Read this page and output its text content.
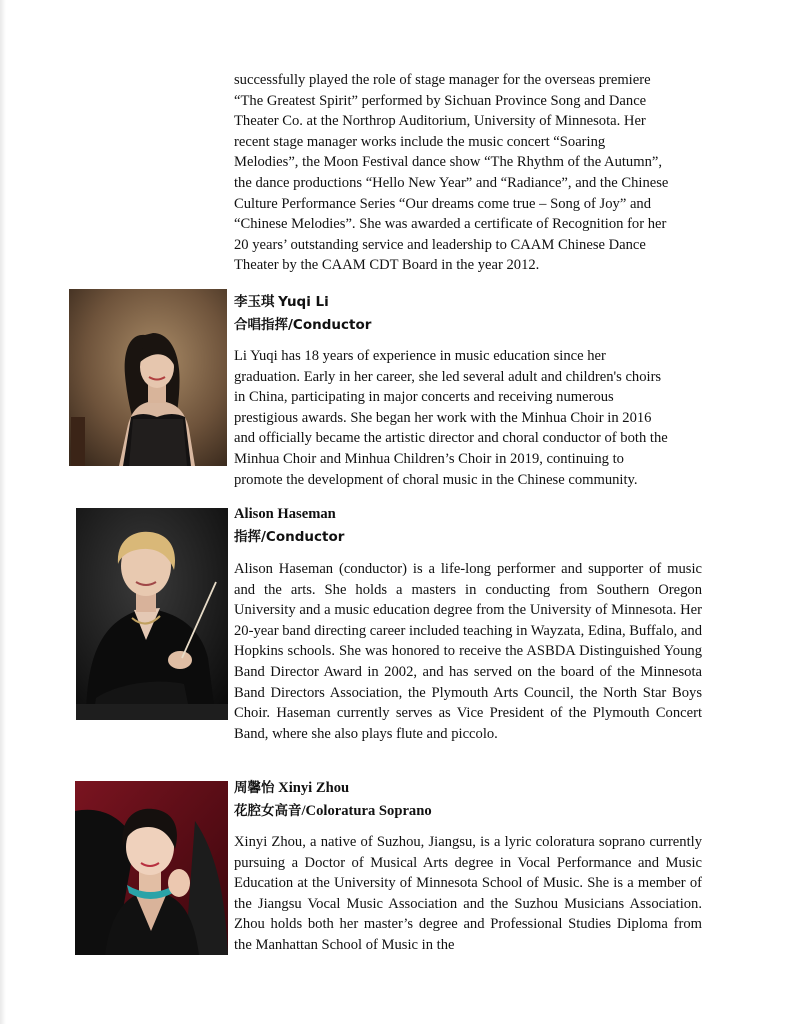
successfully played the role of stage manager for the overseas premiere
“The Greatest Spirit” performed by Sichuan Province Song and Dance
Theater Co. at the Northrop Auditorium, University of Minnesota. Her
recent stage manager works include the music concert “Soaring
Melodies”, the Moon Festival dance show “The Rhythm of the Autumn”,
the dance productions “Hello New Year” and “Radiance”, and the Chinese
Culture Performance Series “Our dreams come true – Song of Joy” and
“Chinese Melodies”. She was awarded a certificate of Recognition for her
20 years’ outstanding service and leadership to CAAM Chinese Dance
Theater by the CAAM CDT Board in the year 2012.
李玉琪 Yuqi Li
合唱指挥/Conductor
Li Yuqi has 18 years of experience in music education since her
graduation. Early in her career, she led several adult and children's choirs
in China, participating in major concerts and receiving numerous
prestigious awards. She began her work with the Minhua Choir in 2016
and officially became the artistic director and choral conductor of both the
Minhua Choir and Minhua Children’s Choir in 2019, continuing to
promote the development of choral music in the Chinese community.
Alison Haseman
指挥/Conductor

Alison Haseman (conductor) is a life-long performer and supporter of music and the arts. She holds a masters in conducting from Southern Oregon University and a music education degree from the University of Minnesota. Her 20-year band directing career included teaching in Wayzata, Edina, Buffalo, and Hopkins schools. She was honored to receive the ASBDA Distinguished Young Band Director Award in 2002, and has served on the board of the Minnesota Band Directors Association, the Plymouth Arts Council, the North Star Boys Choir. Haseman currently serves as Vice President of the Plymouth Concert Band, where she also plays flute and piccolo.

周馨怡 Xinyi Zhou
花腔女高音/Coloratura Soprano

Xinyi Zhou, a native of Suzhou, Jiangsu, is a lyric coloratura soprano currently pursuing a Doctor of Musical Arts degree in Vocal Performance and Music Education at the University of Minnesota School of Music. She is a member of the Jiangsu Vocal Music Association and the Suzhou Musicians Association. Zhou holds both her master’s degree and Professional Studies Diploma from the Manhattan School of Music in the
